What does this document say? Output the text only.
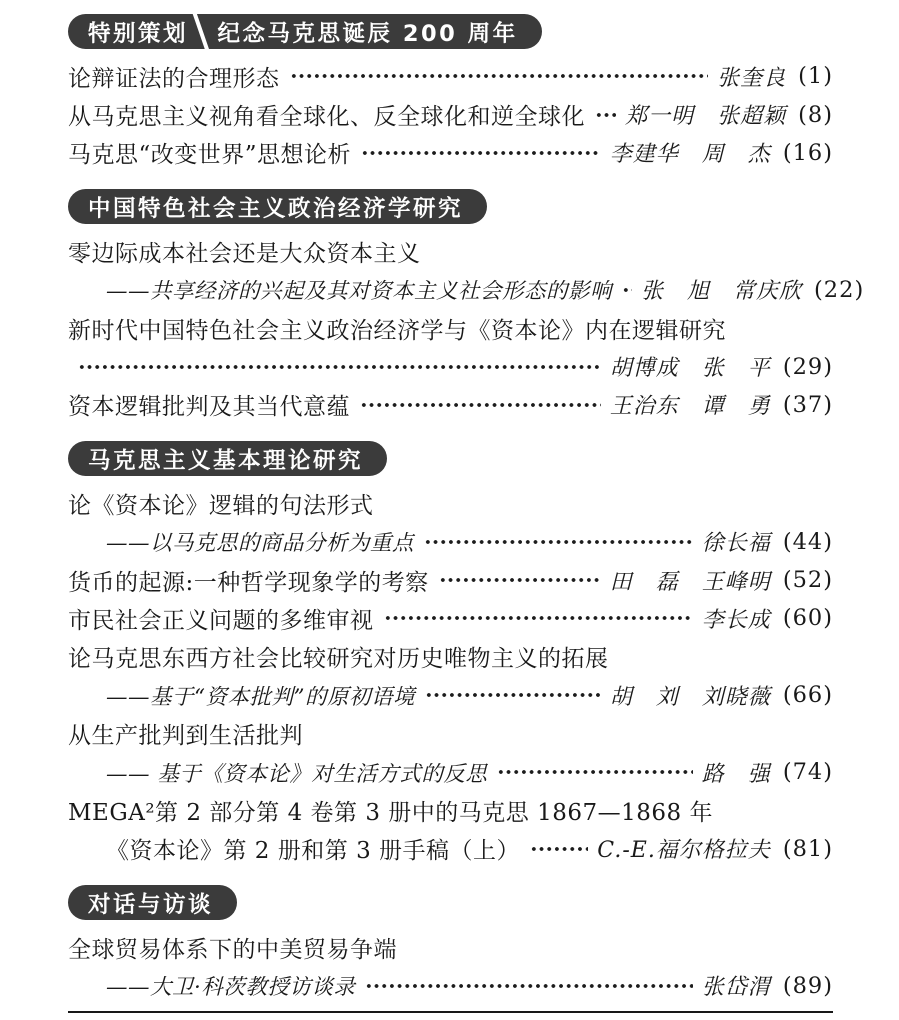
特别策划 纪念马克思诞辰 200 周年
论辩证法的合理形态	张奎良 (1)
从马克思主义视角看全球化、反全球化和逆全球化 郑一明　张超颖 (8)
马克思“改变世界”思想论析	李建华　周　杰 (16)
中国特色社会主义政治经济学研究
零边际成本社会还是大众资本主义
——共享经济的兴起及其对资本主义社会形态的影响 张　旭　常庆欣 (22)
新时代中国特色社会主义政治经济学与《资本论》内在逻辑研究
胡博成　张　平 (29)
资本逻辑批判及其当代意蕴	王治东　谭　勇 (37)
马克思主义基本理论研究
论《资本论》逻辑的句法形式
——以马克思的商品分析为重点	徐长福 (44)
货币的起源:一种哲学现象学的考察	田　磊　王峰明 (52)
市民社会正义问题的多维审视	李长成 (60)
论马克思东西方社会比较研究对历史唯物主义的拓展
——基于“资本批判”的原初语境	胡　刘　刘晓薇 (66)
从生产批判到生活批判
—— 基于《资本论》对生活方式的反思	路　强 (74)
MEGA²第 2 部分第 4 卷第 3 册中的马克思 1867—1868 年
《资本论》第 2 册和第 3 册手稿（上）	C.-E.福尔格拉夫 (81)
对话与访谈
全球贸易体系下的中美贸易争端
——大卫·科茨教授访谈录	张岱渭 (89)
